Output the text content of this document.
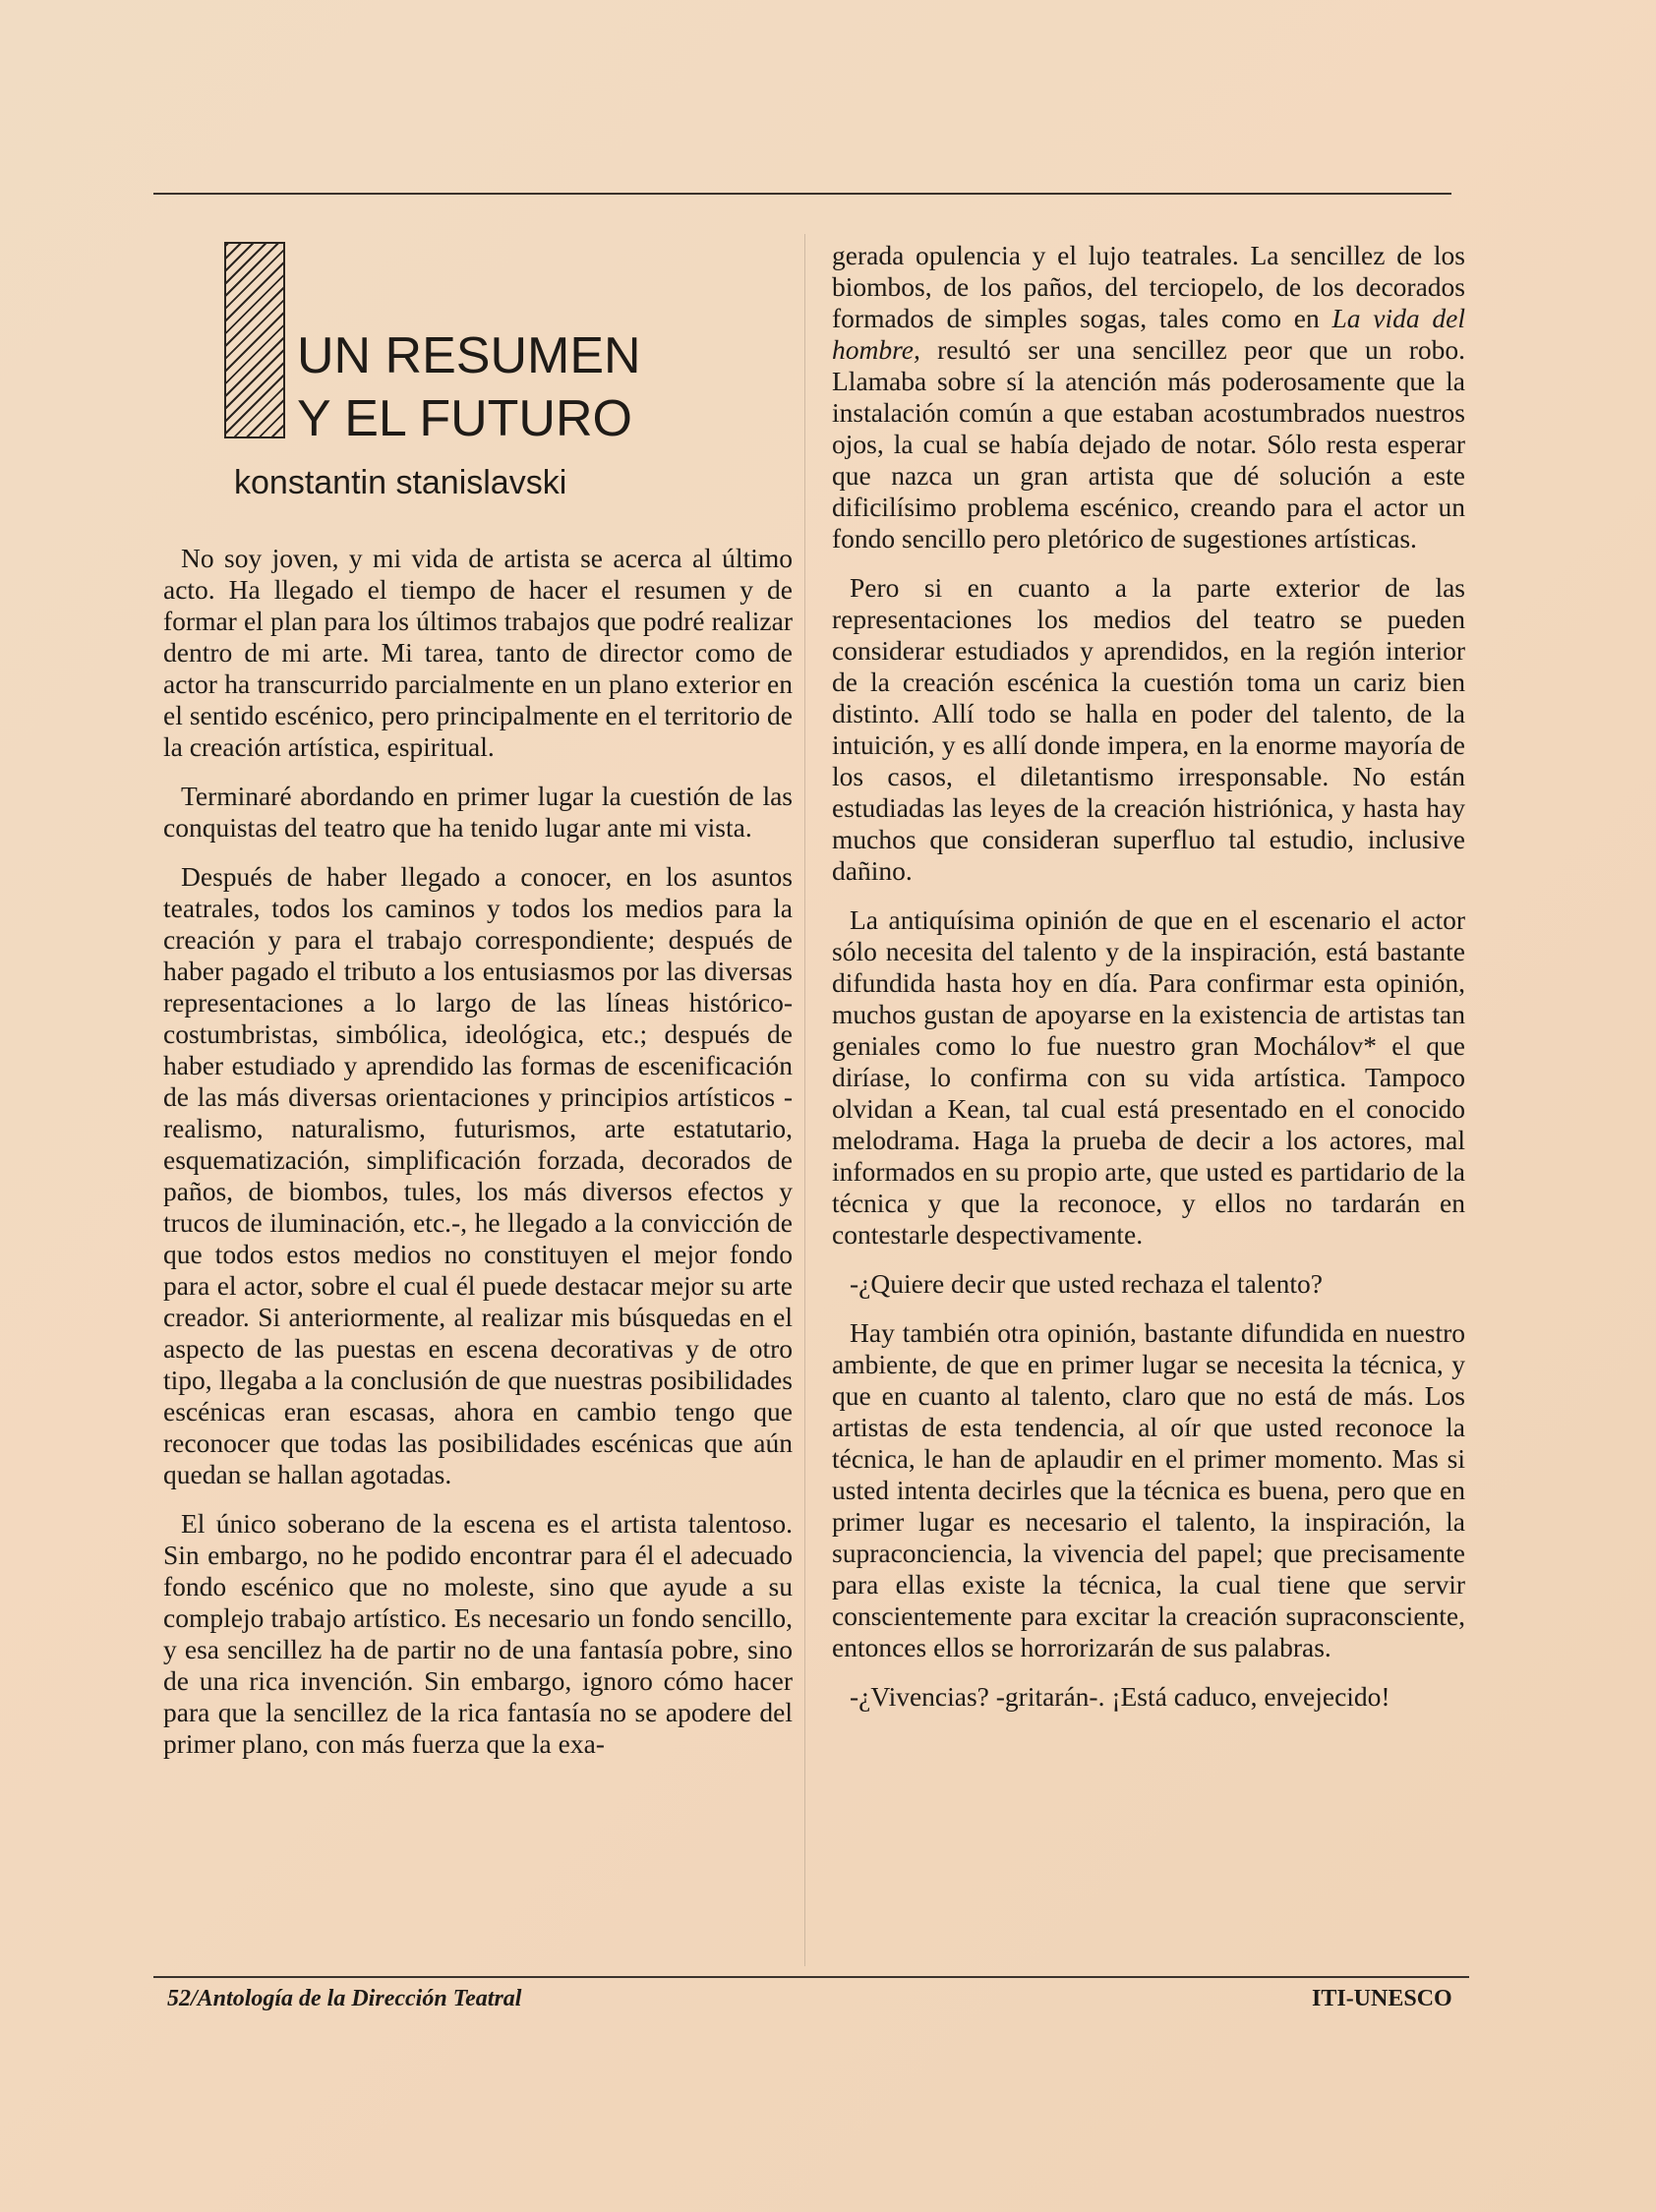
UN RESUMEN
Y EL FUTURO
konstantin stanislavski

No soy joven, y mi vida de artista se acerca al último acto. Ha llegado el tiempo de hacer el resumen y de formar el plan para los últimos trabajos que podré realizar dentro de mi arte. Mi tarea, tanto de director como de actor ha transcurrido parcialmente en un plano exterior en el sentido escénico, pero principalmente en el territorio de la creación artística, espiritual.

Terminaré abordando en primer lugar la cuestión de las conquistas del teatro que ha tenido lugar ante mi vista.

Después de haber llegado a conocer, en los asuntos teatrales, todos los caminos y todos los medios para la creación y para el trabajo correspondiente; después de haber pagado el tributo a los entusiasmos por las diversas representaciones a lo largo de las líneas histórico-costumbristas, simbólica, ideológica, etc.; después de haber estudiado y aprendido las formas de escenificación de las más diversas orientaciones y principios artísticos -realismo, naturalismo, futurismos, arte estatutario, esquematización, simplificación forzada, decorados de paños, de biombos, tules, los más diversos efectos y trucos de iluminación, etc.-, he llegado a la convicción de que todos estos medios no constituyen el mejor fondo para el actor, sobre el cual él puede destacar mejor su arte creador. Si anteriormente, al realizar mis búsquedas en el aspecto de las puestas en escena decorativas y de otro tipo, llegaba a la conclusión de que nuestras posibilidades escénicas eran escasas, ahora en cambio tengo que reconocer que todas las posibilidades escénicas que aún quedan se hallan agotadas.

El único soberano de la escena es el artista talentoso. Sin embargo, no he podido encontrar para él el adecuado fondo escénico que no moleste, sino que ayude a su complejo trabajo artístico. Es necesario un fondo sencillo, y esa sencillez ha de partir no de una fantasía pobre, sino de una rica invención. Sin embargo, ignoro cómo hacer para que la sencillez de la rica fantasía no se apodere del primer plano, con más fuerza que la exa-

gerada opulencia y el lujo teatrales. La sencillez de los biombos, de los paños, del terciopelo, de los decorados formados de simples sogas, tales como en La vida del hombre, resultó ser una sencillez peor que un robo. Llamaba sobre sí la atención más poderosamente que la instalación común a que estaban acostumbrados nuestros ojos, la cual se había dejado de notar. Sólo resta esperar que nazca un gran artista que dé solución a este dificilísimo problema escénico, creando para el actor un fondo sencillo pero pletórico de sugestiones artísticas.

Pero si en cuanto a la parte exterior de las representaciones los medios del teatro se pueden considerar estudiados y aprendidos, en la región interior de la creación escénica la cuestión toma un cariz bien distinto. Allí todo se halla en poder del talento, de la intuición, y es allí donde impera, en la enorme mayoría de los casos, el diletantismo irresponsable. No están estudiadas las leyes de la creación histriónica, y hasta hay muchos que consideran superfluo tal estudio, inclusive dañino.

La antiquísima opinión de que en el escenario el actor sólo necesita del talento y de la inspiración, está bastante difundida hasta hoy en día. Para confirmar esta opinión, muchos gustan de apoyarse en la existencia de artistas tan geniales como lo fue nuestro gran Mochálov* el que diríase, lo confirma con su vida artística. Tampoco olvidan a Kean, tal cual está presentado en el conocido melodrama. Haga la prueba de decir a los actores, mal informados en su propio arte, que usted es partidario de la técnica y que la reconoce, y ellos no tardarán en contestarle despectivamente.

-¿Quiere decir que usted rechaza el talento?

Hay también otra opinión, bastante difundida en nuestro ambiente, de que en primer lugar se necesita la técnica, y que en cuanto al talento, claro que no está de más. Los artistas de esta tendencia, al oír que usted reconoce la técnica, le han de aplaudir en el primer momento. Mas si usted intenta decirles que la técnica es buena, pero que en primer lugar es necesario el talento, la inspiración, la supraconciencia, la vivencia del papel; que precisamente para ellas existe la técnica, la cual tiene que servir conscientemente para excitar la creación supraconsciente, entonces ellos se horrorizarán de sus palabras.

-¿Vivencias? -gritarán-. ¡Está caduco, envejecido!

52/Antología de la Dirección Teatral	ITI-UNESCO
